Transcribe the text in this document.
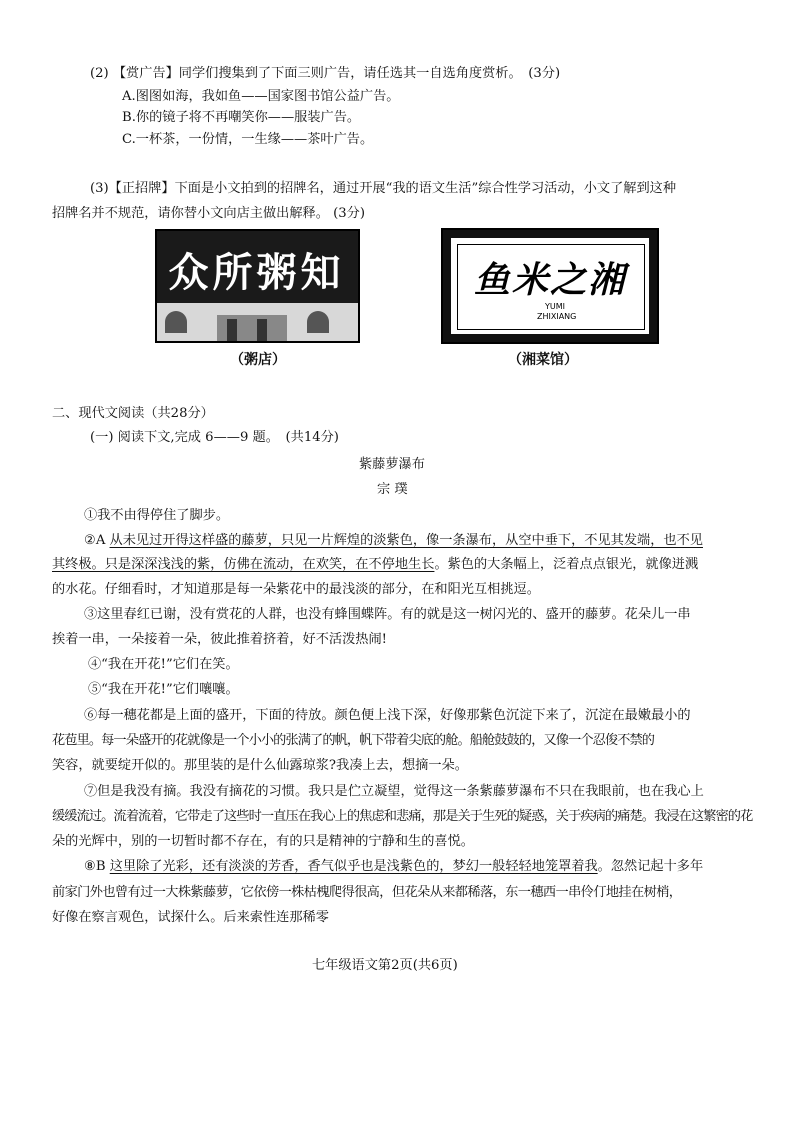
(2) 【赏广告】同学们搜集到了下面三则广告，请任选其一自选角度赏析。　(3分)
A.图图如海，我如鱼——国家图书馆公益广告。
B.你的镜子将不再嘲笑你——服装广告。
C.一杯茶，一份情，一生缘——茶叶广告。
(3)【正招牌】下面是小文拍到的招牌名，通过开展“我的语文生活”综合性学习活动，小文了解到这种
招牌名并不规范，请你替小文向店主做出解释。 (3分)
众所粥知
（粥店）
鱼米之湘
YUMI
ZHIXIANG
（湘菜馆）
二、现代文阅读（共28分）
(一) 阅读下文,完成 6——9 题。　(共14分)
紫藤萝瀑布
宗 璞
①我不由得停住了脚步。
②A 从未见过开得这样盛的藤萝，只见一片辉煌的淡紫色，像一条瀑布，从空中垂下，不见其发端，也不见
其终极。只是深深浅浅的紫，仿佛在流动，在欢笑，在不停地生长。紫色的大条幅上，泛着点点银光，就像迸溅
的水花。仔细看时，才知道那是每一朵紫花中的最浅淡的部分，在和阳光互相挑逗。
③这里春红已谢，没有赏花的人群，也没有蜂围蝶阵。有的就是这一树闪光的、盛开的藤萝。花朵儿一串
挨着一串，一朵接着一朵，彼此推着挤着，好不活泼热闹!
④“我在开花!”它们在笑。
⑤“我在开花!”它们嚷嚷。
⑥每一穗花都是上面的盛开，下面的待放。颜色便上浅下深，好像那紫色沉淀下来了，沉淀在最嫩最小的
花苞里。每一朵盛开的花就像是一个小小的张满了的帆，帆下带着尖底的舱。船舱鼓鼓的，又像一个忍俊不禁的
笑容，就要绽开似的。那里装的是什么仙露琼浆?我凑上去，想摘一朵。
⑦但是我没有摘。我没有摘花的习惯。我只是伫立凝望，觉得这一条紫藤萝瀑布不只在我眼前，也在我心上
缓缓流过。流着流着，它带走了这些时一直压在我心上的焦虑和悲痛，那是关于生死的疑惑，关于疾病的痛楚。我浸在这繁密的花
朵的光辉中，别的一切暂时都不存在，有的只是精神的宁静和生的喜悦。
⑧B 这里除了光彩，还有淡淡的芳香，香气似乎也是浅紫色的，梦幻一般轻轻地笼罩着我。忽然记起十多年
前家门外也曾有过一大株紫藤萝，它依傍一株枯槐爬得很高，但花朵从来都稀落，东一穗西一串伶仃地挂在树梢，
好像在察言观色，试探什么。后来索性连那稀零
七年级语文第2页(共6页)
